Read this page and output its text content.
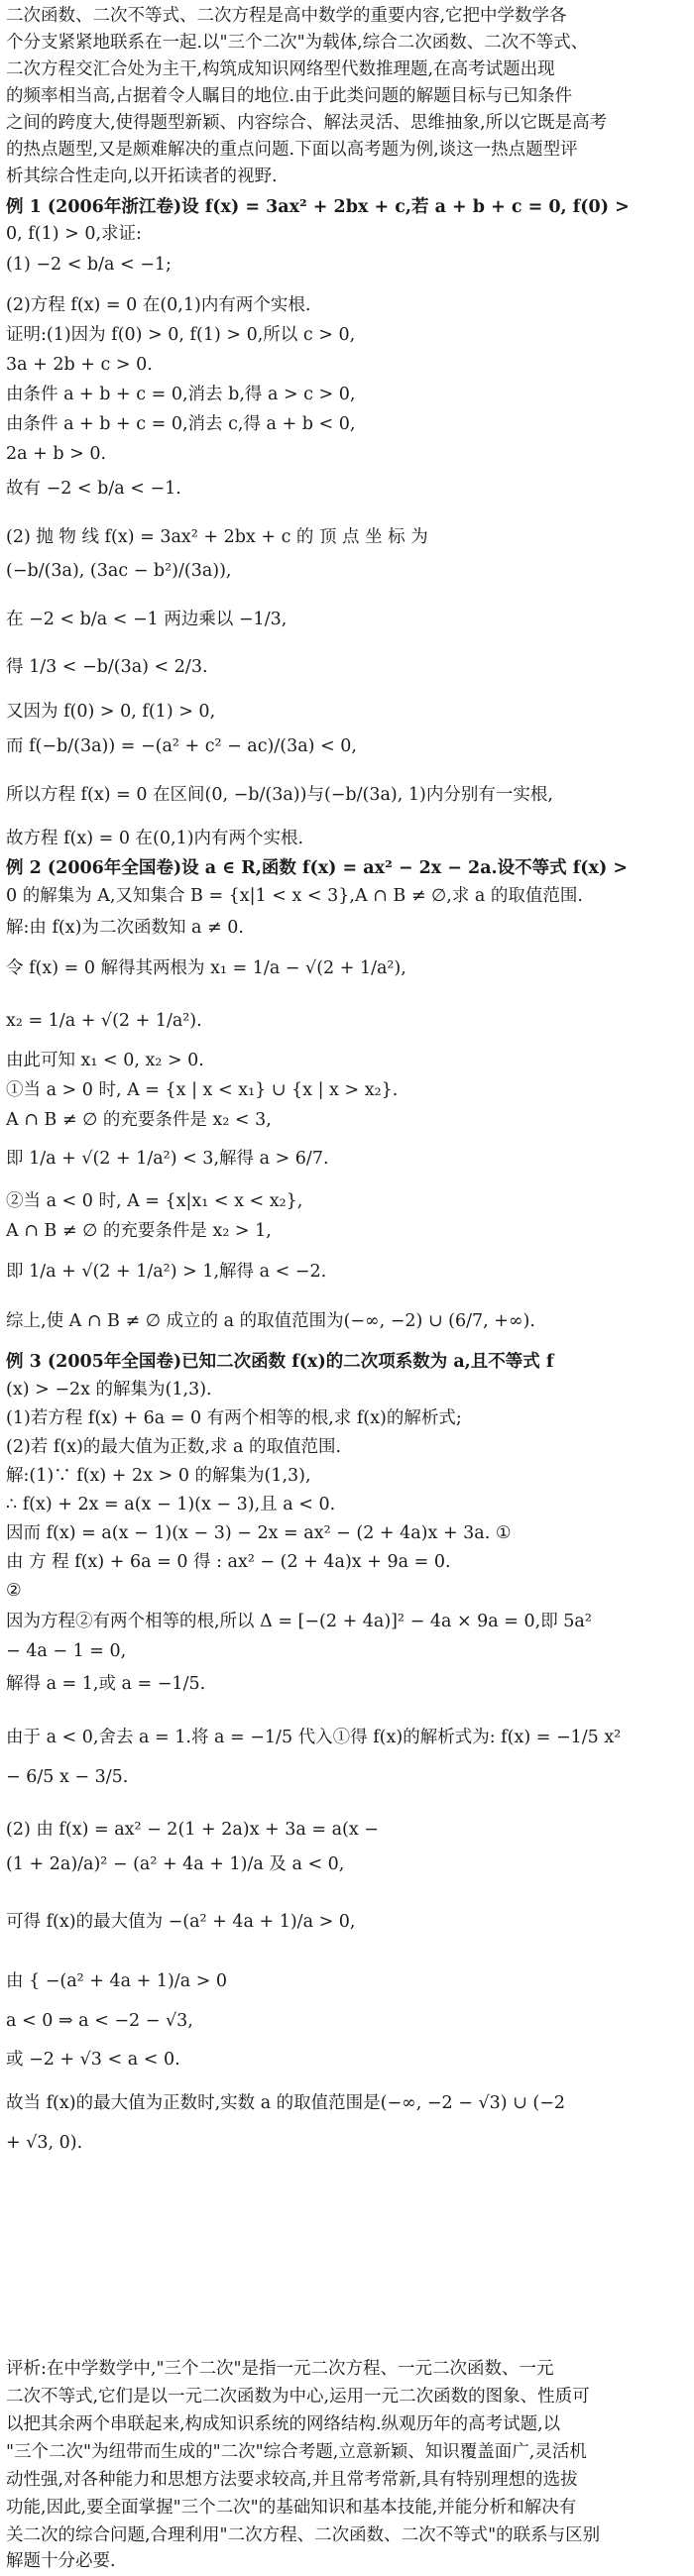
二次函数、二次不等式、二次方程是高中数学的重要内容,它把中学数学各
个分支紧紧地联系在一起.以"三个二次"为载体,综合二次函数、二次不等式、
二次方程交汇合处为主干,构筑成知识网络型代数推理题,在高考试题出现
的频率相当高,占据着令人瞩目的地位.由于此类问题的解题目标与已知条件
之间的跨度大,使得题型新颖、内容综合、解法灵活、思维抽象,所以它既是高考
的热点题型,又是颇难解决的重点问题.下面以高考题为例,谈这一热点题型评
析其综合性走向,以开拓读者的视野.
例 1 (2006年浙江卷)设 f(x) = 3ax² + 2bx + c,若 a + b + c = 0, f(0) >
0, f(1) > 0,求证:
(1) −2 < b/a < −1;
(2)方程 f(x) = 0 在(0,1)内有两个实根.
证明:(1)因为 f(0) > 0, f(1) > 0,所以 c > 0,
3a + 2b + c > 0.
由条件 a + b + c = 0,消去 b,得 a > c > 0,
由条件 a + b + c = 0,消去 c,得 a + b < 0,
2a + b > 0.
故有 −2 < b/a < −1.
(2) 抛 物 线 f(x) = 3ax² + 2bx + c 的 顶 点 坐 标 为
(−b/(3a), (3ac − b²)/(3a)),
在 −2 < b/a < −1 两边乘以 −1/3,
得 1/3 < −b/(3a) < 2/3.
又因为 f(0) > 0, f(1) > 0,
而 f(−b/(3a)) = −(a² + c² − ac)/(3a) < 0,
所以方程 f(x) = 0 在区间(0, −b/(3a))与(−b/(3a), 1)内分别有一实根,
故方程 f(x) = 0 在(0,1)内有两个实根.
例 2 (2006年全国卷)设 a ∈ R,函数 f(x) = ax² − 2x − 2a.设不等式 f(x) >
0 的解集为 A,又知集合 B = {x|1 < x < 3},A ∩ B ≠ ∅,求 a 的取值范围.
解:由 f(x)为二次函数知 a ≠ 0.
令 f(x) = 0 解得其两根为 x₁ = 1/a − √(2 + 1/a²),
x₂ = 1/a + √(2 + 1/a²).
由此可知 x₁ < 0, x₂ > 0.
①当 a > 0 时, A = {x | x < x₁} ∪ {x | x > x₂}.
A ∩ B ≠ ∅ 的充要条件是 x₂ < 3,
即 1/a + √(2 + 1/a²) < 3,解得 a > 6/7.
②当 a < 0 时, A = {x|x₁ < x < x₂},
A ∩ B ≠ ∅ 的充要条件是 x₂ > 1,
即 1/a + √(2 + 1/a²) > 1,解得 a < −2.
综上,使 A ∩ B ≠ ∅ 成立的 a 的取值范围为(−∞, −2) ∪ (6/7, +∞).
例 3 (2005年全国卷)已知二次函数 f(x)的二次项系数为 a,且不等式 f
(x) > −2x 的解集为(1,3).
(1)若方程 f(x) + 6a = 0 有两个相等的根,求 f(x)的解析式;
(2)若 f(x)的最大值为正数,求 a 的取值范围.
解:(1)∵ f(x) + 2x > 0 的解集为(1,3),
∴ f(x) + 2x = a(x − 1)(x − 3),且 a < 0.
因而 f(x) = a(x − 1)(x − 3) − 2x = ax² − (2 + 4a)x + 3a. ①
由 方 程 f(x) + 6a = 0 得 : ax² − (2 + 4a)x + 9a = 0.
②
因为方程②有两个相等的根,所以 Δ = [−(2 + 4a)]² − 4a × 9a = 0,即 5a²
− 4a − 1 = 0,
解得 a = 1,或 a = −1/5.
由于 a < 0,舍去 a = 1.将 a = −1/5 代入①得 f(x)的解析式为: f(x) = −1/5 x²
− 6/5 x − 3/5.
(2) 由 f(x) = ax² − 2(1 + 2a)x + 3a = a(x −
(1 + 2a)/a)² − (a² + 4a + 1)/a 及 a < 0,
可得 f(x)的最大值为 −(a² + 4a + 1)/a > 0,
由 { −(a² + 4a + 1)/a > 0
a < 0 ⇒ a < −2 − √3,
或 −2 + √3 < a < 0.
故当 f(x)的最大值为正数时,实数 a 的取值范围是(−∞, −2 − √3) ∪ (−2
+ √3, 0).
评析:在中学数学中,"三个二次"是指一元二次方程、一元二次函数、一元
二次不等式,它们是以一元二次函数为中心,运用一元二次函数的图象、性质可
以把其余两个串联起来,构成知识系统的网络结构.纵观历年的高考试题,以
"三个二次"为纽带而生成的"二次"综合考题,立意新颖、知识覆盖面广,灵活机
动性强,对各种能力和思想方法要求较高,并且常考常新,具有特别理想的选拔
功能,因此,要全面掌握"三个二次"的基础知识和基本技能,并能分析和解决有
关二次的综合问题,合理利用"二次方程、二次函数、二次不等式"的联系与区别
解题十分必要.
